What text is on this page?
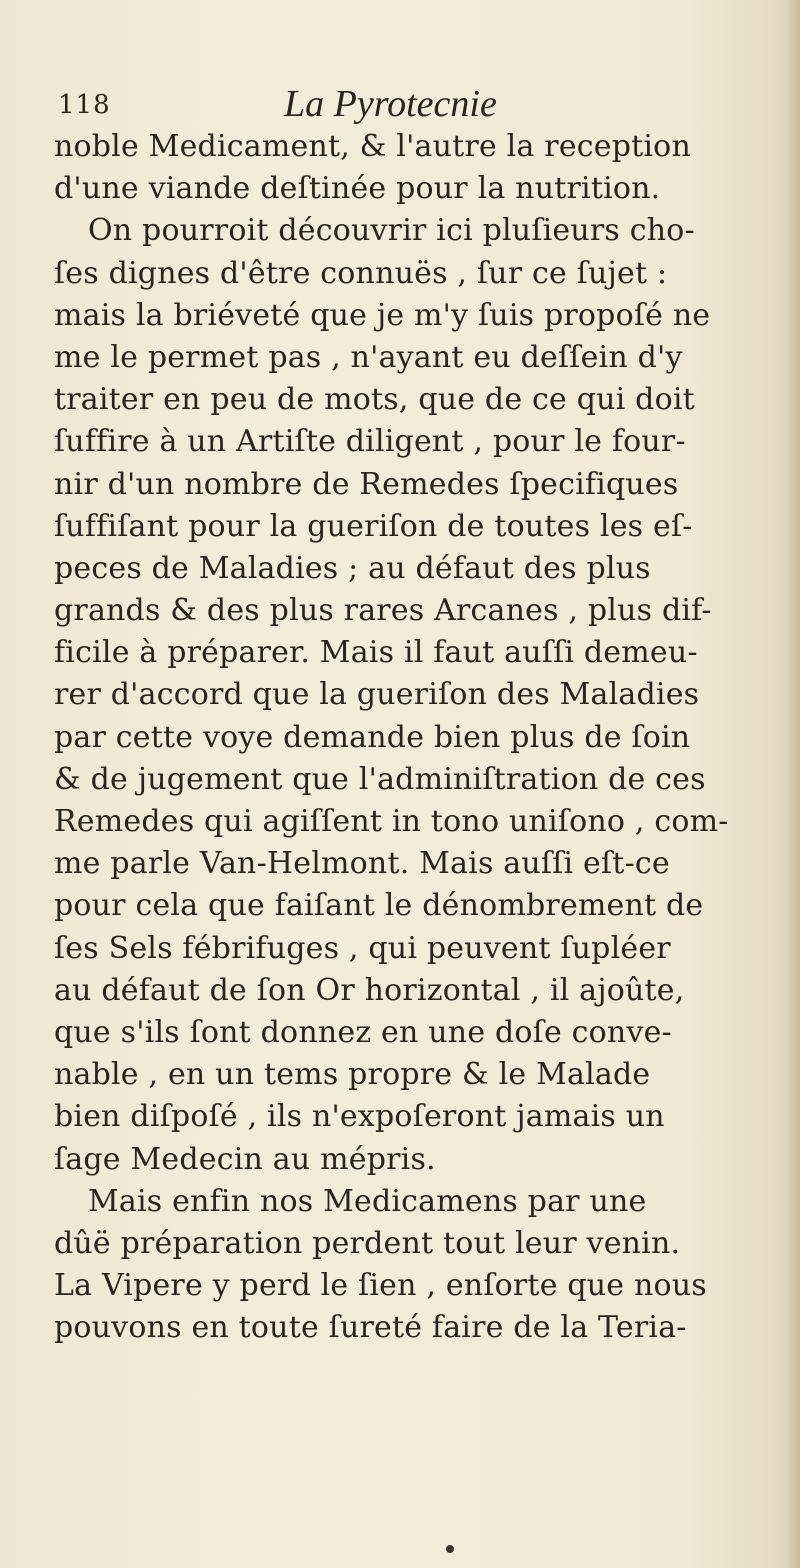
118	La Pyrotecnie
noble Medicament, & l'autre la reception
d'une viande deſtinée pour la nutrition.
On pourroit découvrir ici pluſieurs cho-
ſes dignes d'être connuës , ſur ce ſujet :
mais la briéveté que je m'y ſuis propoſé ne
me le permet pas , n'ayant eu deſſein d'y
traiter en peu de mots, que de ce qui doit
ſuffire à un Artiſte diligent , pour le four-
nir d'un nombre de Remedes ſpecifiques
ſuffiſant pour la gueriſon de toutes les eſ-
peces de Maladies ; au défaut des plus
grands & des plus rares Arcanes , plus dif-
ficile à préparer. Mais il faut auſſi demeu-
rer d'accord que la gueriſon des Maladies
par cette voye demande bien plus de ſoin
& de jugement que l'adminiſtration de ces
Remedes qui agiſſent in tono uniſono , com-
me parle Van-Helmont. Mais auſſi eſt-ce
pour cela que faiſant le dénombrement de
ſes Sels fébrifuges , qui peuvent ſupléer
au défaut de ſon Or horizontal , il ajoûte,
que s'ils ſont donnez en une doſe conve-
nable , en un tems propre & le Malade
bien diſpoſé , ils n'expoſeront jamais un
ſage Medecin au mépris.
Mais enfin nos Medicamens par une
dûë préparation perdent tout leur venin.
La Vipere y perd le ſien , enſorte que nous
pouvons en toute ſureté faire de la Teria-
